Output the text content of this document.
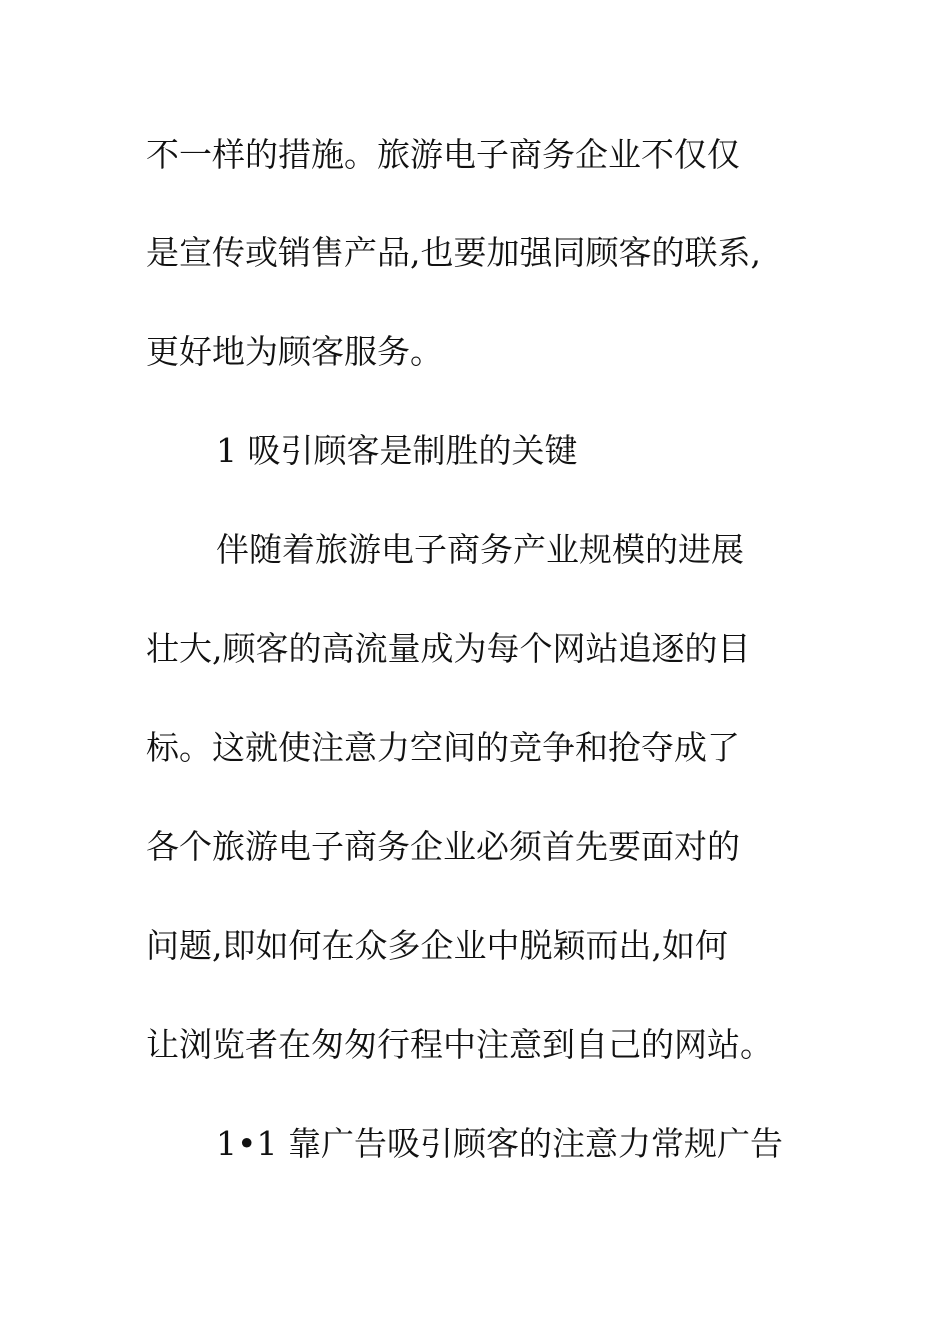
不一样的措施。旅游电子商务企业不仅仅
是宣传或销售产品,也要加强同顾客的联系,
更好地为顾客服务。
1 吸引顾客是制胜的关键
伴随着旅游电子商务产业规模的进展
壮大,顾客的高流量成为每个网站追逐的目
标。这就使注意力空间的竞争和抢夺成了
各个旅游电子商务企业必须首先要面对的
问题,即如何在众多企业中脱颖而出,如何
让浏览者在匆匆行程中注意到自己的网站。
1•1 靠广告吸引顾客的注意力常规广告
